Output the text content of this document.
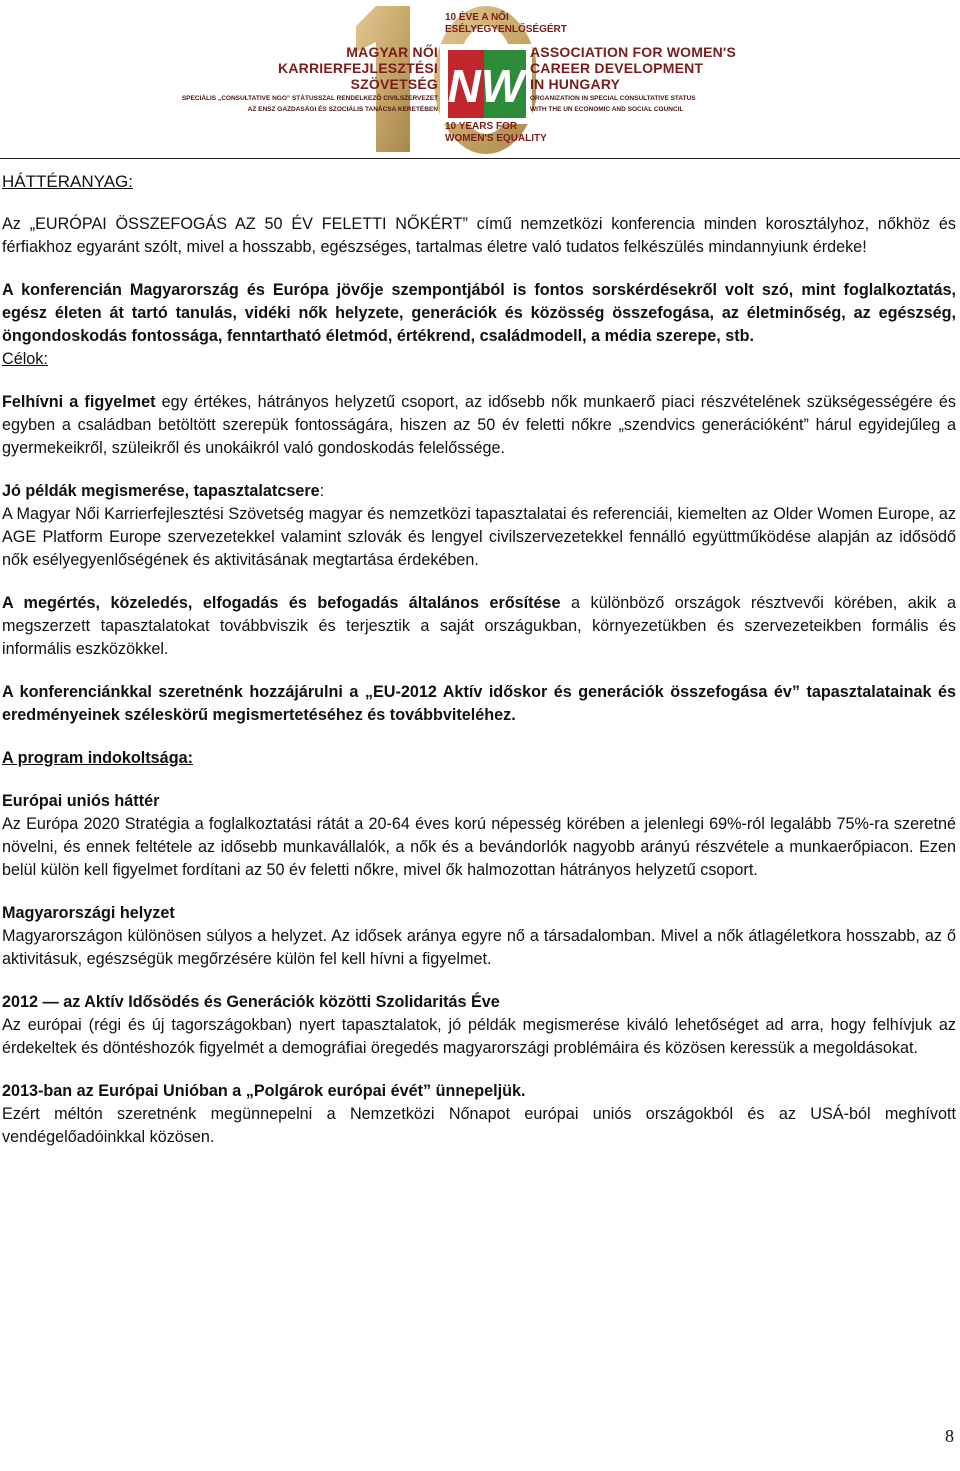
NW
10 ÉVE A NŐI
ESÉLYEGYENLŐSÉGÉRT
MAGYAR NŐI
KARRIERFEJLESZTÉSI
SZÖVETSÉG
SPECIÁLIS „CONSULTATIVE NGO” STÁTUSSZAL RENDELKEZŐ CIVILSZERVEZET
AZ ENSZ GAZDASÁGI ÉS SZOCIÁLIS TANÁCSA KERETÉBEN
ASSOCIATION FOR WOMEN'S
CAREER DEVELOPMENT
IN HUNGARY
ORGANIZATION IN SPECIAL CONSULTATIVE STATUS
WITH THE UN ECONOMIC AND SOCIAL COUNCIL
10 YEARS FOR
WOMEN'S EQUALITY

HÁTTÉRANYAG:

Az „EURÓPAI ÖSSZEFOGÁS AZ 50 ÉV FELETTI NŐKÉRT” című nemzetközi konferencia minden korosztályhoz, nőkhöz és férfiakhoz egyaránt szólt, mivel a hosszabb, egészséges, tartalmas életre való tudatos felkészülés mindannyiunk érdeke!

A konferencián Magyarország és Európa jövője szempontjából is fontos sorskérdésekről volt szó, mint foglalkoztatás, egész életen át tartó tanulás, vidéki nők helyzete, generációk és közösség összefogása, az életminőség, az egészség, öngondoskodás fontossága, fenntartható életmód, értékrend, családmodell, a média szerepe, stb.

Célok:

Felhívni a figyelmet egy értékes, hátrányos helyzetű csoport, az idősebb nők munkaerő piaci részvételének szükségességére és egyben a családban betöltött szerepük fontosságára, hiszen az 50 év feletti nőkre „szendvics generációként” hárul egyidejűleg a gyermekeikről, szüleikről és unokáikról való gondoskodás felelőssége.

Jó példák megismerése, tapasztalatcsere:

A Magyar Női Karrierfejlesztési Szövetség magyar és nemzetközi tapasztalatai és referenciái, kiemelten az Older Women Europe, az AGE Platform Europe szervezetekkel valamint szlovák és lengyel civilszervezetekkel fennálló együttműködése alapján az idősödő nők esélyegyenlőségének és aktivitásának megtartása érdekében.

A megértés, közeledés, elfogadás és befogadás általános erősítése a különböző országok résztvevői körében, akik a megszerzett tapasztalatokat továbbviszik és terjesztik a saját országukban, környezetükben és szervezeteikben formális és informális eszközökkel.

A konferenciánkkal szeretnénk hozzájárulni a „EU-2012 Aktív időskor és generációk összefogása év” tapasztalatainak és eredményeinek széleskörű megismertetéséhez és továbbviteléhez.

A program indokoltsága:

Európai uniós háttér

Az Európa 2020 Stratégia a foglalkoztatási rátát a 20-64 éves korú népesség körében a jelenlegi 69%-ról legalább 75%-ra szeretné növelni, és ennek feltétele az idősebb munkavállalók, a nők és a bevándorlók nagyobb arányú részvétele a munkaerőpiacon. Ezen belül külön kell figyelmet fordítani az 50 év feletti nőkre, mivel ők halmozottan hátrányos helyzetű csoport.

Magyarországi helyzet

Magyarországon különösen súlyos a helyzet. Az idősek aránya egyre nő a társadalomban. Mivel a nők átlagéletkora hosszabb, az ő aktivitásuk, egészségük megőrzésére külön fel kell hívni a figyelmet.

2012 — az Aktív Idősödés és Generációk közötti Szolidaritás Éve

Az európai (régi és új tagországokban) nyert tapasztalatok, jó példák megismerése kiváló lehetőséget ad arra, hogy felhívjuk az érdekeltek és döntéshozók figyelmét a demográfiai öregedés magyarországi problémáira és közösen keressük a megoldásokat.

2013-ban az Európai Unióban a „Polgárok európai évét” ünnepeljük.

Ezért méltón szeretnénk megünnepelni a Nemzetközi Nőnapot európai uniós országokból és az USÁ-ból meghívott vendégelőadóinkkal közösen.

8
